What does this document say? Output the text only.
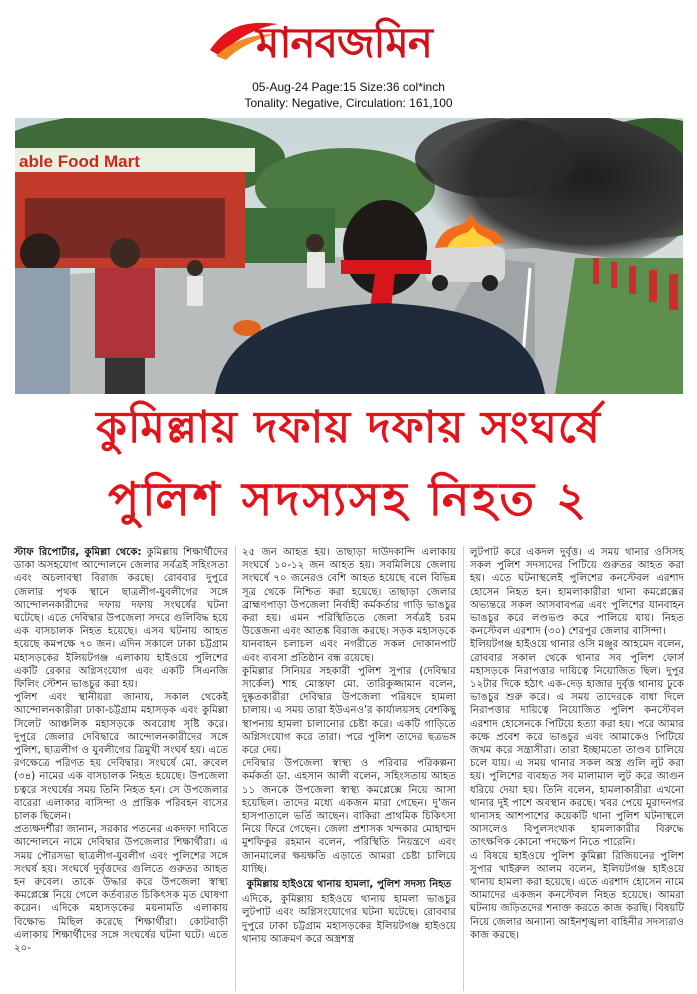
মানবজমিন
05-Aug-24 Page:15 Size:36 col*inch
Tonality: Negative, Circulation: 161,100
able Food Mart
কুমিল্লায় দফায় দফায় সংঘর্ষে
পুলিশ সদস্যসহ নিহত ২

স্টাফ রিপোর্টার, কুমিল্লা থেকে: কুমিল্লায় শিক্ষার্থীদের ডাকা অসহযোগ আন্দোলনে জেলার সর্বত্রই সহিংসতা এবং অচলাবস্থা বিরাজ করছে। রোববার দুপুরে জেলার পৃথক স্থানে ছাত্রলীগ-যুবলীগের সঙ্গে আন্দোলনকারীদের দফায় দফায় সংঘর্ষের ঘটনা ঘটেছে। এতে দেবিদ্বার উপজেলা সদরে গুলিবিদ্ধ হয়ে এক বাসচালক নিহত হয়েছে। এসব ঘটনায় আহত হয়েছে কমপক্ষে ৭০ জন। এদিন সকালে ঢাকা চট্টগ্রাম মহাসড়কের ইলিয়টগঞ্জ এলাকায় হাইওয়ে পুলিশের একটি রেকার অগ্নিসংযোগ এবং একটি সিএনজি ফিলিং স্টেশন ভাঙচুর করা হয়।

পুলিশ এবং স্থানীয়রা জানায়, সকাল থেকেই আন্দোলনকারীরা ঢাকা-চট্টগ্রাম মহাসড়ক এবং কুমিল্লা সিলেট আঞ্চলিক মহাসড়কে অবরোধ সৃষ্টি করে। দুপুরে জেলার দেবিদ্বারে আন্দোলনকারীদের সঙ্গে পুলিশ, ছাত্রলীগ ও যুবলীগের ত্রিমুখী সংঘর্ষ হয়। এতে রণক্ষেত্রে পরিণত হয় দেবিদ্বার। সংঘর্ষে মো. রুবেল (৩৪) নামের এক বাসচালক নিহত হয়েছে। উপজেলা চত্বরে সংঘর্ষের সময় তিনি নিহত হন। সে উপজেলার বারেরা এলাকার বাসিন্দা ও প্রান্তিক পরিবহন বাসের চালক ছিলেন।

প্রত্যক্ষদর্শীরা জানান, সরকার পতনের একদফা দাবিতে আন্দোলনে নামে দেবিদ্বার উপজেলার শিক্ষার্থীরা। এ সময় পৌরসভা ছাত্রলীগ-যুবলীগ এবং পুলিশের সঙ্গে সংঘর্ষ হয়। সংঘর্ষে দুর্বৃত্তদের গুলিতে গুরুতর আহত হন রুবেল। তাকে উদ্ধার করে উপজেলা স্বাস্থ্য কমপ্লেক্সে নিয়ে গেলে কর্তব্যরত চিকিৎসক মৃত ঘোষণা করেন। এদিকে মহাসড়কের ময়নামতি এলাকায় বিক্ষোভ মিছিল করেছে শিক্ষার্থীরা। কোটবাড়ী এলাকায় শিক্ষার্থীদের সঙ্গে সংঘর্ষের ঘটনা ঘটে। এতে ২০-

২৫ জন আহত হয়। তাছাড়া দাউদকান্দি এলাকায় সংঘর্ষে ১০-১২ জন আহত হয়। সবমিলিয়ে জেলায় সংঘর্ষে ৭০ জনেরও বেশি আহত হয়েছে বলে বিভিন্ন সূত্র থেকে নিশ্চিত করা হয়েছে। তাছাড়া জেলার ব্রাহ্মণপাড়া উপজেলা নির্বাহী কর্মকর্তার গাড়ি ভাঙচুর করা হয়। এমন পরিস্থিতিতে জেলা সর্বত্রই চরম উত্তেজনা এবং আতঙ্ক বিরাজ করছে। সড়ক মহাসড়কে যানবাহন চলাচল এবং নগরীতে সকল দোকানপাট এবং ব্যবসা প্রতিষ্ঠান বন্ধ রয়েছে।

কুমিল্লার সিনিয়র সহকারী পুলিশ সুপার (দেবিদ্বার সার্কেল) শাহ মোস্তফা মো. তারিকুজ্জামান বলেন, দুষ্কৃতকারীরা দেবিদ্বার উপজেলা পরিষদে হামলা চালায়। এ সময় তারা ইউএনও'র কার্যালয়সহ বেশকিছু স্থাপনায় হামলা চালানোর চেষ্টা করে। একটি গাড়িতে অগ্নিসংযোগ করে তারা। পরে পুলিশ তাদের ছত্রভঙ্গ করে দেয়।

দেবিদ্বার উপজেলা স্বাস্থ্য ও পরিবার পরিকল্পনা কর্মকর্তা ডা. এহসান আলী বলেন, সহিংসতায় আহত ১১ জনকে উপজেলা স্বাস্থ্য কমপ্লেক্সে নিয়ে আসা হয়েছিল। তাদের মধ্যে একজন মারা গেছেন। দু'জন হাসপাতালে ভর্তি আছেন। বাকিরা প্রাথমিক চিকিৎসা নিয়ে ফিরে গেছেন। জেলা প্রশাসক খন্দকার মোহাম্মদ মুশফিকুর রহমান বলেন, পরিস্থিতি নিয়ন্ত্রণে এবং জানমালের ক্ষয়ক্ষতি এড়াতে আমরা চেষ্টা চালিয়ে যাচ্ছি।

কুমিল্লায় হাইওয়ে থানায় হামলা, পুলিশ সদস্য নিহত

এদিকে, কুমিল্লায় হাইওয়ে থানায় হামলা ভাঙচুর লুটপাট এবং অগ্নিসংযোগের ঘটনা ঘটেছে। রোববার দুপুরে ঢাকা চট্টগ্রাম মহাসড়কের ইলিয়টগঞ্জ হাইওয়ে থানায় আক্রমণ করে অস্ত্রশস্ত্র

লুটপাট করে একদল দুর্বৃত্ত। এ সময় থানার ওসিসহ সকল পুলিশ সদস্যদের পিটিয়ে গুরুতর আহত করা হয়। এতে ঘটনাস্থলেই পুলিশের কনস্টেবল এরশাদ হোসেন নিহত হন। হামলাকারীরা থানা কমপ্লেক্সের অভ্যন্তরে সকল আসবাবপত্র এবং পুলিশের যানবাহন ভাঙচুর করে লণ্ডভণ্ড করে পালিয়ে যায়। নিহত কনস্টেবল এরশাদ (৩০) শেরপুর জেলার বাসিন্দা।

ইলিয়টগঞ্জ হাইওয়ে থানার ওসি মঞ্জুর আহমেদ বলেন, রোববার সকাল থেকে থানার সব পুলিশ ফোর্স মহাসড়কে নিরাপত্তার দায়িত্বে নিয়োজিত ছিল। দুপুর ১২টার দিকে হঠাৎ এক-দেড় হাজার দুর্বৃত্ত থানায় ঢুকে ভাঙচুর শুরু করে। এ সময় তাদেরকে বাধা দিলে নিরাপত্তার দায়িত্বে নিয়োজিত পুলিশ কনস্টেবল এরশাদ হোসেনকে পিটিয়ে হত্যা করা হয়। পরে আমার কক্ষে প্রবেশ করে ভাঙচুর এবং আমাকেও পিটিয়ে জখম করে সন্ত্রাসীরা। তারা ইচ্ছামতো তাণ্ডব চালিয়ে চলে যায়। এ সময় থানার সকল অস্ত্র গুলি লুট করা হয়। পুলিশের ব্যবহৃত সব মালামাল লুট করে আগুন ধরিয়ে দেয়া হয়। তিনি বলেন, হামলাকারীরা এখনো থানার দুই পাশে অবস্থান করছে। খবর পেয়ে মুরাদনগর থানাসহ আশপাশের কয়েকটি থানা পুলিশ ঘটনাস্থলে আসলেও বিপুলসংখ্যক হামলাকারীর বিরুদ্ধে তাৎক্ষণিক কোনো পদক্ষেপ নিতে পারেনি।

এ বিষয়ে হাইওয়ে পুলিশ কুমিল্লা রিজিয়নের পুলিশ সুপার খাইরুল আলম বলেন, ইলিয়টগঞ্জ হাইওয়ে থানায় হামলা করা হয়েছে। এতে এরশাদ হোসেন নামে আমাদের একজন কনস্টেবল নিহত হয়েছে। আমরা ঘটনায় জড়িতদের শনাক্ত করতে কাজ করছি। বিষয়টি নিয়ে জেলার অন্যান্য আইনশৃঙ্খলা বাহিনীর সদস্যরাও কাজ করছে।
